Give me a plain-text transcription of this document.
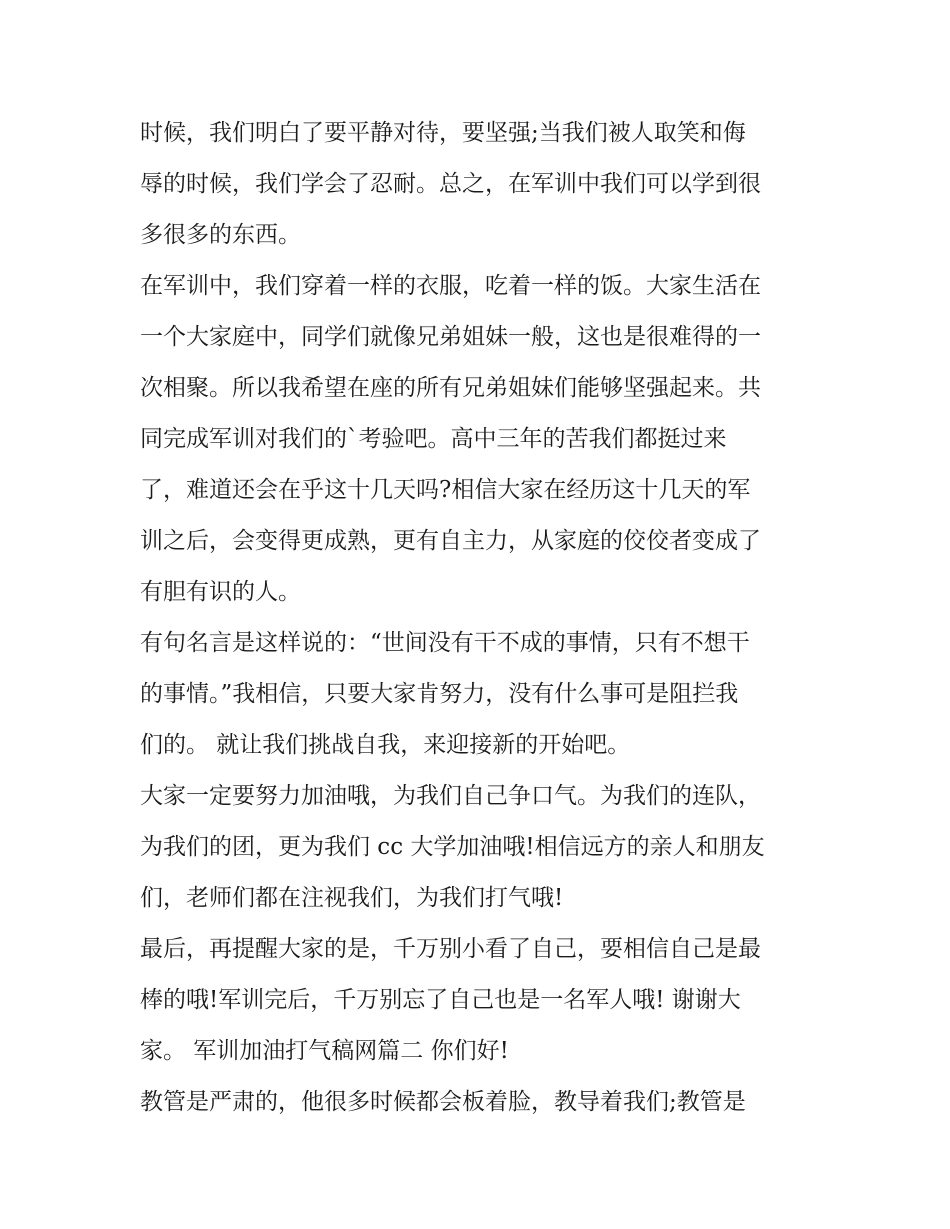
时候，我们明白了要平静对待，要坚强;当我们被人取笑和侮
辱的时候，我们学会了忍耐。总之，在军训中我们可以学到很
多很多的东西。
在军训中，我们穿着一样的衣服，吃着一样的饭。大家生活在
一个大家庭中，同学们就像兄弟姐妹一般，这也是很难得的一
次相聚。所以我希望在座的所有兄弟姐妹们能够坚强起来。共
同完成军训对我们的`考验吧。高中三年的苦我们都挺过来
了，难道还会在乎这十几天吗?相信大家在经历这十几天的军
训之后，会变得更成熟，更有自主力，从家庭的佼佼者变成了
有胆有识的人。
有句名言是这样说的：“世间没有干不成的事情，只有不想干
的事情。”我相信，只要大家肯努力，没有什么事可是阻拦我
们的。 就让我们挑战自我，来迎接新的开始吧。
大家一定要努力加油哦，为我们自己争口气。为我们的连队，
为我们的团，更为我们 cc 大学加油哦!相信远方的亲人和朋友
们，老师们都在注视我们，为我们打气哦!
最后，再提醒大家的是，千万别小看了自己，要相信自己是最
棒的哦!军训完后，千万别忘了自己也是一名军人哦! 谢谢大
家。 军训加油打气稿网篇二 你们好!
教管是严肃的，他很多时候都会板着脸，教导着我们;教管是
